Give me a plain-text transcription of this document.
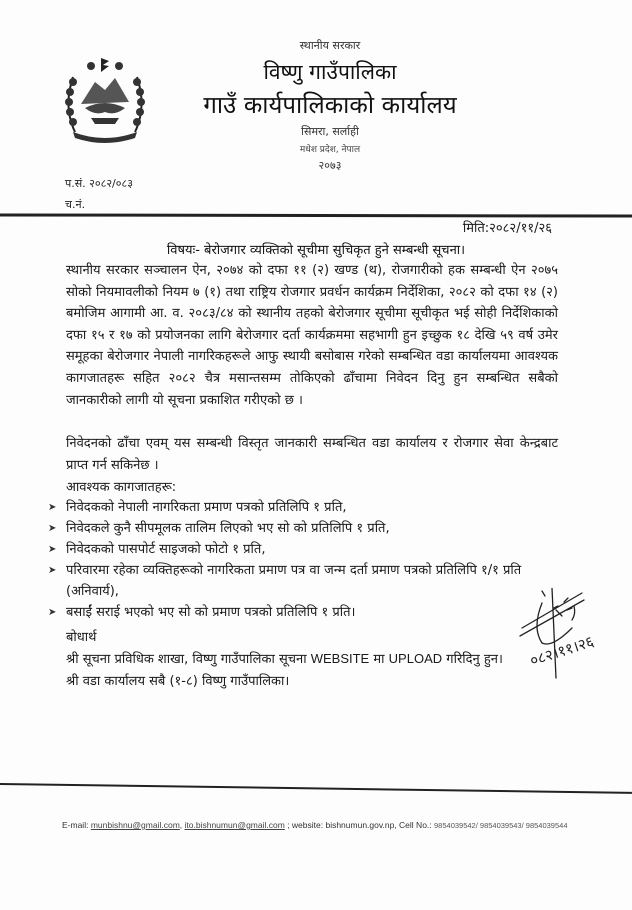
स्थानीय सरकार
विष्णु गाउँपालिका
गाउँ कार्यपालिकाको कार्यालय
सिमरा, सर्लाही
मधेश प्रदेश, नेपाल
२०७३
प.सं. २०८२/०८३
च.नं.
मिति:२०८२/११/२६
विषयः- बेरोजगार व्यक्तिको सूचीमा सुचिकृत हुने सम्बन्धी सूचना।
स्थानीय सरकार सञ्चालन ऐन, २०७४ को दफा ११ (२) खण्ड (थ), रोजगारीको हक सम्बन्धी ऐन २०७५ सोको नियमावलीको नियम ७ (१) तथा राष्ट्रिय रोजगार प्रवर्धन कार्यक्रम निर्देशिका, २०८२ को दफा १४ (२) बमोजिम आगामी आ. व. २०८३/८४ को स्थानीय तहको बेरोजगार सूचीमा सूचीकृत भई सोही निर्देशिकाको दफा १५ र १७ को प्रयोजनका लागि बेरोजगार दर्ता कार्यक्रममा सहभागी हुन इच्छुक १८ देखि ५९ वर्ष उमेर समूहका बेरोजगार नेपाली नागरिकहरूले आफु स्थायी बसोबास गरेको सम्बन्धित वडा कार्यालयमा आवश्यक कागजातहरू सहित २०८२ चैत्र मसान्तसम्म तोकिएको ढाँचामा निवेदन दिनु हुन सम्बन्धित सबैको जानकारीको लागी यो सूचना प्रकाशित गरीएको छ ।
निवेदनको ढाँचा एवम् यस सम्बन्धी विस्तृत जानकारी सम्बन्धित वडा कार्यालय र रोजगार सेवा केन्द्रबाट प्राप्त गर्न सकिनेछ ।
आवश्यक कागजातहरू:
➤ निवेदकको नेपाली नागरिकता प्रमाण पत्रको प्रतिलिपि १ प्रति,
➤ निवेदकले कुनै सीपमूलक तालिम लिएको भए सो को प्रतिलिपि १ प्रति,
➤ निवेदकको पासपोर्ट साइजको फोटो १ प्रति,
➤ परिवारमा रहेका व्यक्तिहरूको नागरिकता प्रमाण पत्र वा जन्म दर्ता प्रमाण पत्रको प्रतिलिपि १/१ प्रति (अनिवार्य),
➤ बसाईं सराई भएको भए सो को प्रमाण पत्रको प्रतिलिपि १ प्रति।
बोधार्थ
श्री सूचना प्रविधिक शाखा, विष्णु गाउँपालिका सूचना WEBSITE मा UPLOAD गरिदिनु हुन।
श्री वडा कार्यालय सबै (१-८) विष्णु गाउँपालिका।
०८२।११।२६
E-mail: munbishnu@gmail.com, ito.bishnumun@gmail.com ; website: bishnumun.gov.np, Cell No.: 9854039542/ 9854039543/ 9854039544
